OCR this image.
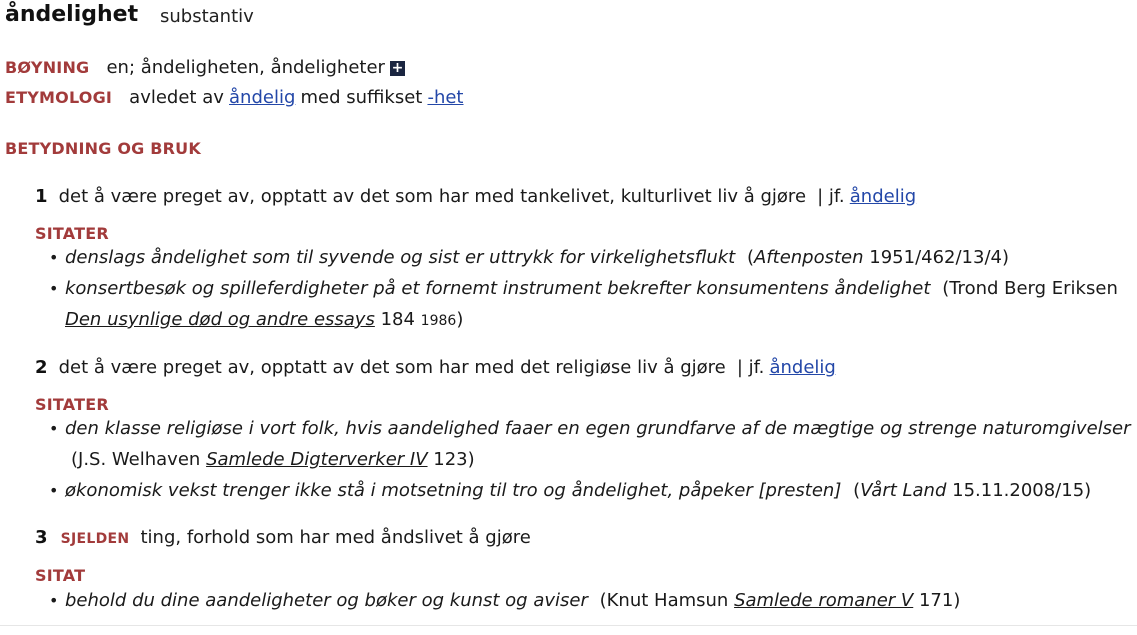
åndelighet substantiv
BØYNING en; åndeligheten, åndeligheter +
ETYMOLOGI avledet av åndelig med suffikset -het
BETYDNING OG BRUK
1 det å være preget av, opptatt av det som har med tankelivet, kulturlivet liv å gjøre | jf. åndelig
SITATER
• denslags åndelighet som til syvende og sist er uttrykk for virkelighetsflukt (Aftenposten 1951/462/13/4)
• konsertbesøk og spilleferdigheter på et fornemt instrument bekrefter konsumentens åndelighet (Trond Berg Eriksen Den usynlige død og andre essays 184 1986)
2 det å være preget av, opptatt av det som har med det religiøse liv å gjøre | jf. åndelig
SITATER
• den klasse religiøse i vort folk, hvis aandelighed faaer en egen grundfarve af de mægtige og strenge naturomgivelser (J.S. Welhaven Samlede Digterverker IV 123)
• økonomisk vekst trenger ikke stå i motsetning til tro og åndelighet, påpeker [presten] (Vårt Land 15.11.2008/15)
3 SJELDEN ting, forhold som har med åndslivet å gjøre
SITAT
• behold du dine aandeligheter og bøker og kunst og aviser (Knut Hamsun Samlede romaner V 171)
